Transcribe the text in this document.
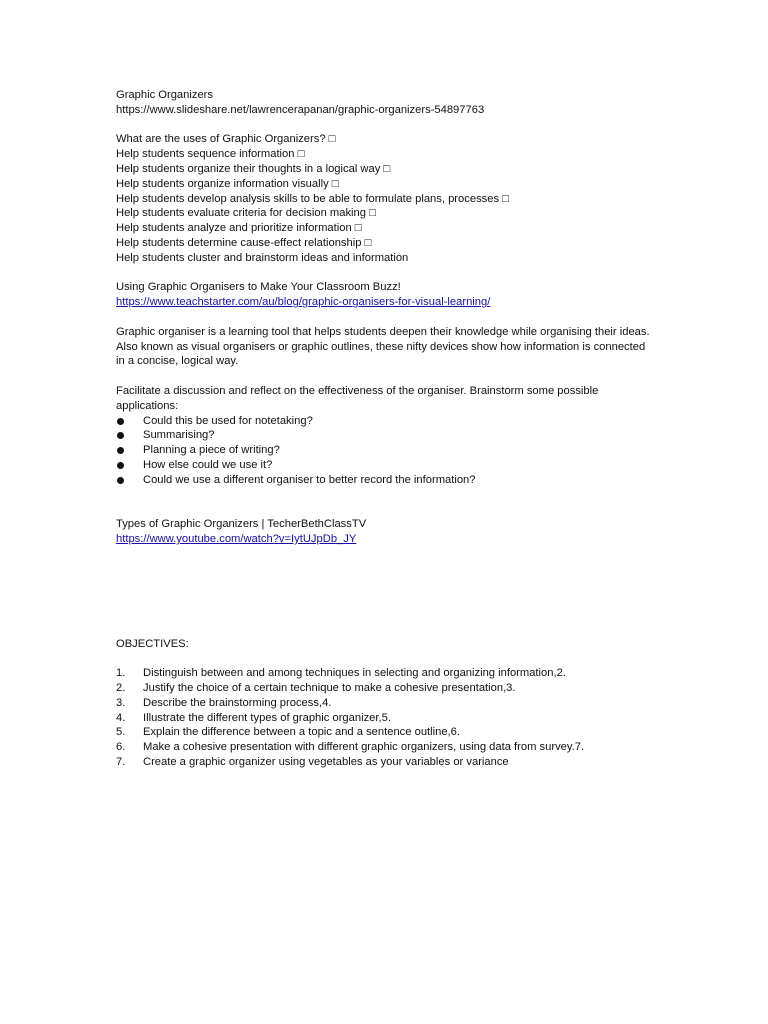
Graphic Organizers
https://www.slideshare.net/lawrencerapanan/graphic-organizers-54897763
What are the uses of Graphic Organizers? □
Help students sequence information □
Help students organize their thoughts in a logical way □
Help students organize information visually □
Help students develop analysis skills to be able to formulate plans, processes □
Help students evaluate criteria for decision making □
Help students analyze and prioritize information □
Help students determine cause-effect relationship □
Help students cluster and brainstorm ideas and information
Using Graphic Organisers to Make Your Classroom Buzz!
https://www.teachstarter.com/au/blog/graphic-organisers-for-visual-learning/
Graphic organiser is a learning tool that helps students deepen their knowledge while organising their ideas. Also known as visual organisers or graphic outlines, these nifty devices show how information is connected in a concise, logical way.
Facilitate a discussion and reflect on the effectiveness of the organiser. Brainstorm some possible applications:
Could this be used for notetaking?
Summarising?
Planning a piece of writing?
How else could we use it?
Could we use a different organiser to better record the information?
Types of Graphic Organizers | TecherBethClassTV
https://www.youtube.com/watch?v=IytUJpDb_JY
OBJECTIVES:
1. Distinguish between and among techniques in selecting and organizing information,2.
2. Justify the choice of a certain technique to make a cohesive presentation,3.
3. Describe the brainstorming process,4.
4. Illustrate the different types of graphic organizer,5.
5. Explain the difference between a topic and a sentence outline,6.
6. Make a cohesive presentation with different graphic organizers, using data from survey.7.
7. Create a graphic organizer using vegetables as your variables or variance
